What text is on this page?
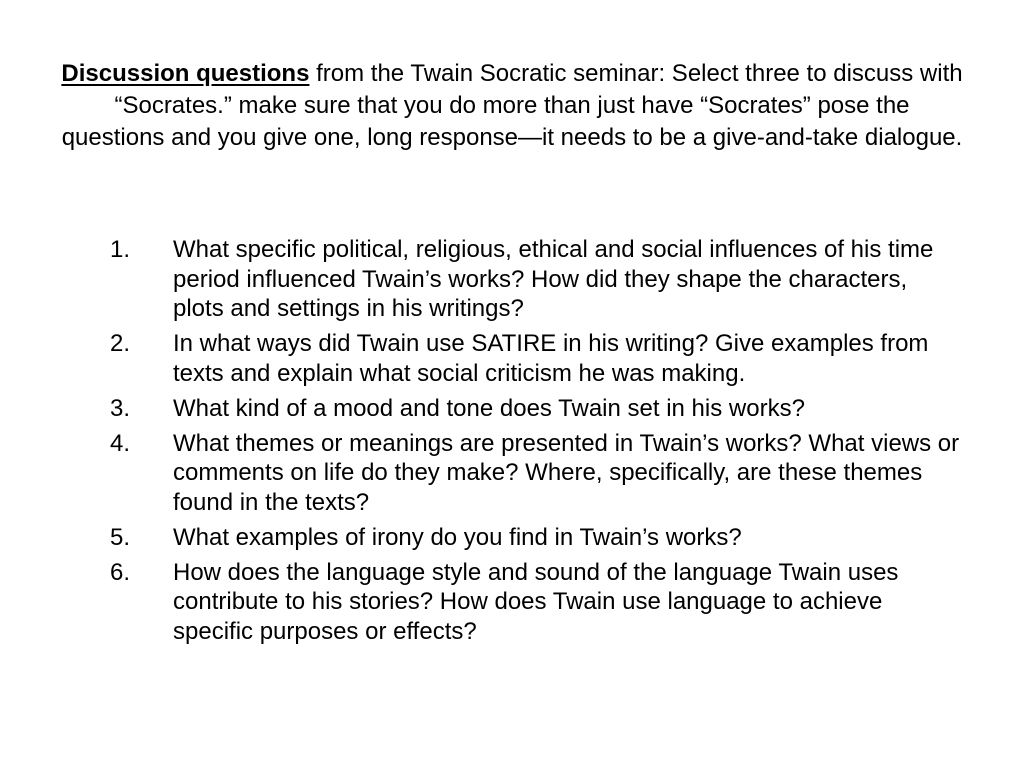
Discussion questions from the Twain Socratic seminar: Select three to discuss with “Socrates.” make sure that you do more than just have “Socrates” pose the questions and you give one, long response—it needs to be a give-and-take dialogue.
1. What specific political, religious, ethical and social influences of his time period influenced Twain’s works? How did they shape the characters, plots and settings in his writings?
2. In what ways did Twain use SATIRE in his writing? Give examples from texts and explain what social criticism he was making.
3. What kind of a mood and tone does Twain set in his works?
4. What themes or meanings are presented in Twain’s works? What views or comments on life do they make? Where, specifically, are these themes found in the texts?
5. What examples of irony do you find in Twain’s works?
6. How does the language style and sound of the language Twain uses contribute to his stories? How does Twain use language to achieve specific purposes or effects?
